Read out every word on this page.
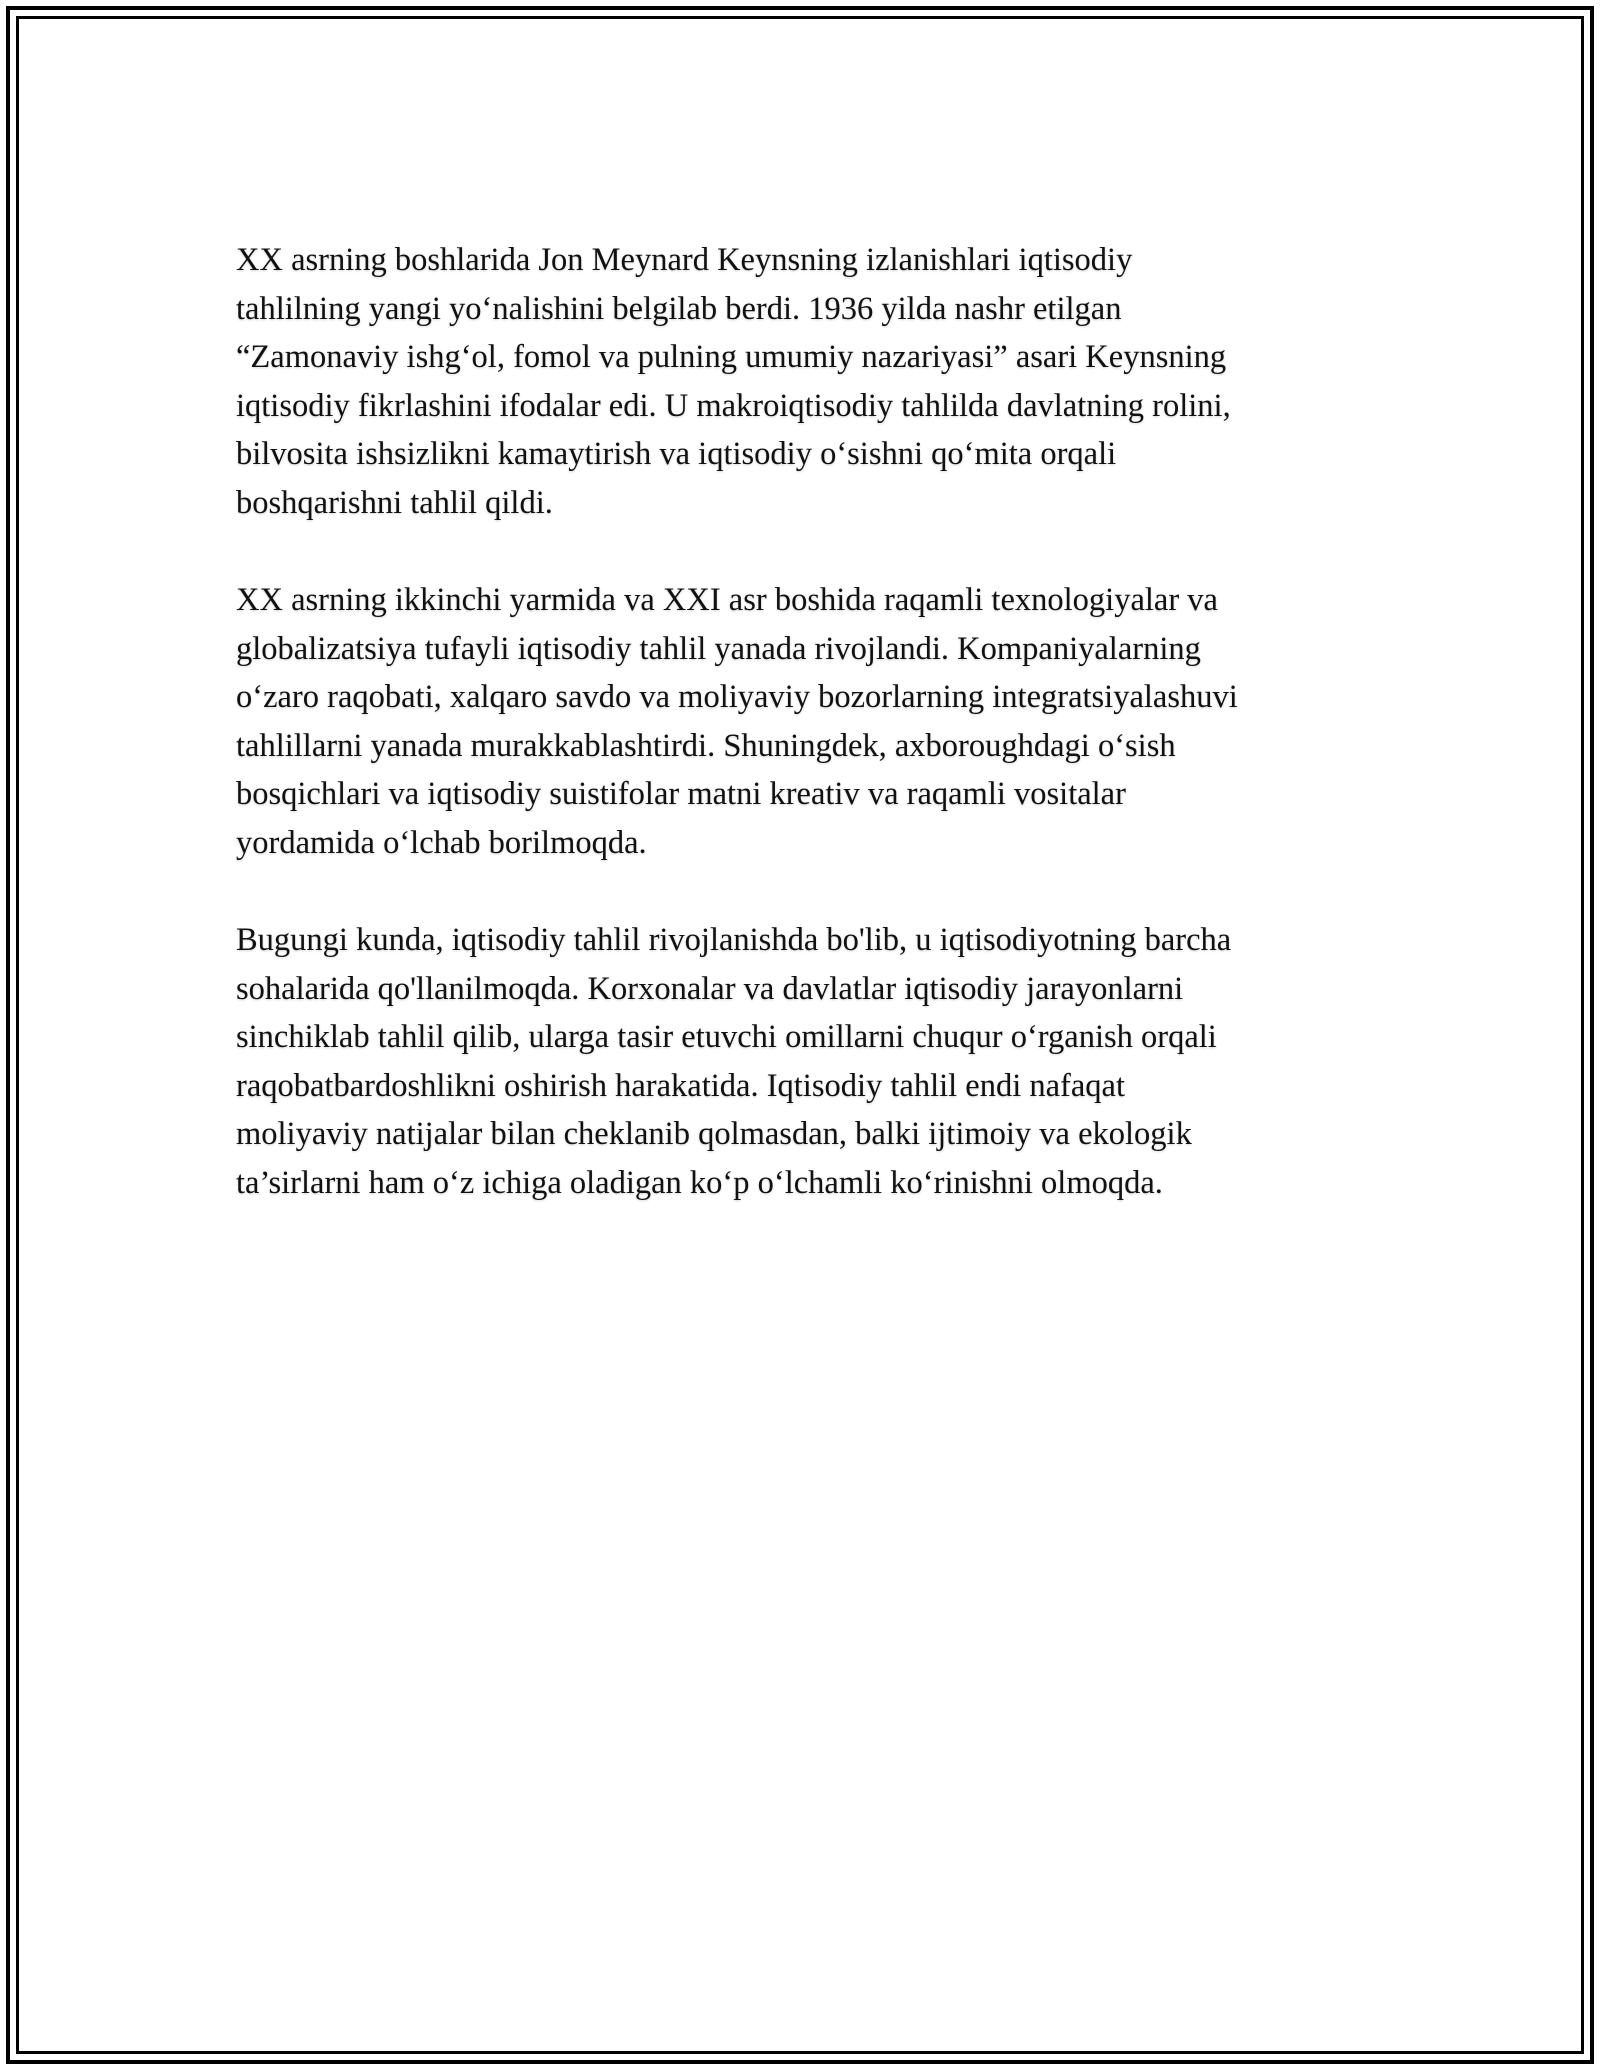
XX asrning boshlarida Jon Meynard Keynsning izlanishlari iqtisodiy
tahlilning yangi yo‘nalishini belgilab berdi. 1936 yilda nashr etilgan
“Zamonaviy ishg‘ol, fomol va pulning umumiy nazariyasi” asari Keynsning
iqtisodiy fikrlashini ifodalar edi. U makroiqtisodiy tahlilda davlatning rolini,
bilvosita ishsizlikni kamaytirish va iqtisodiy o‘sishni qo‘mita orqali
boshqarishni tahlil qildi.

XX asrning ikkinchi yarmida va XXI asr boshida raqamli texnologiyalar va
globalizatsiya tufayli iqtisodiy tahlil yanada rivojlandi. Kompaniyalarning
o‘zaro raqobati, xalqaro savdo va moliyaviy bozorlarning integratsiyalashuvi
tahlillarni yanada murakkablashtirdi. Shuningdek, axboroughdagi o‘sish
bosqichlari va iqtisodiy suistifolar matni kreativ va raqamli vositalar
yordamida o‘lchab borilmoqda.

Bugungi kunda, iqtisodiy tahlil rivojlanishda bo'lib, u iqtisodiyotning barcha
sohalarida qo'llanilmoqda. Korxonalar va davlatlar iqtisodiy jarayonlarni
sinchiklab tahlil qilib, ularga tasir etuvchi omillarni chuqur o‘rganish orqali
raqobatbardoshlikni oshirish harakatida. Iqtisodiy tahlil endi nafaqat
moliyaviy natijalar bilan cheklanib qolmasdan, balki ijtimoiy va ekologik
ta’sirlarni ham o‘z ichiga oladigan ko‘p o‘lchamli ko‘rinishni olmoqda.
